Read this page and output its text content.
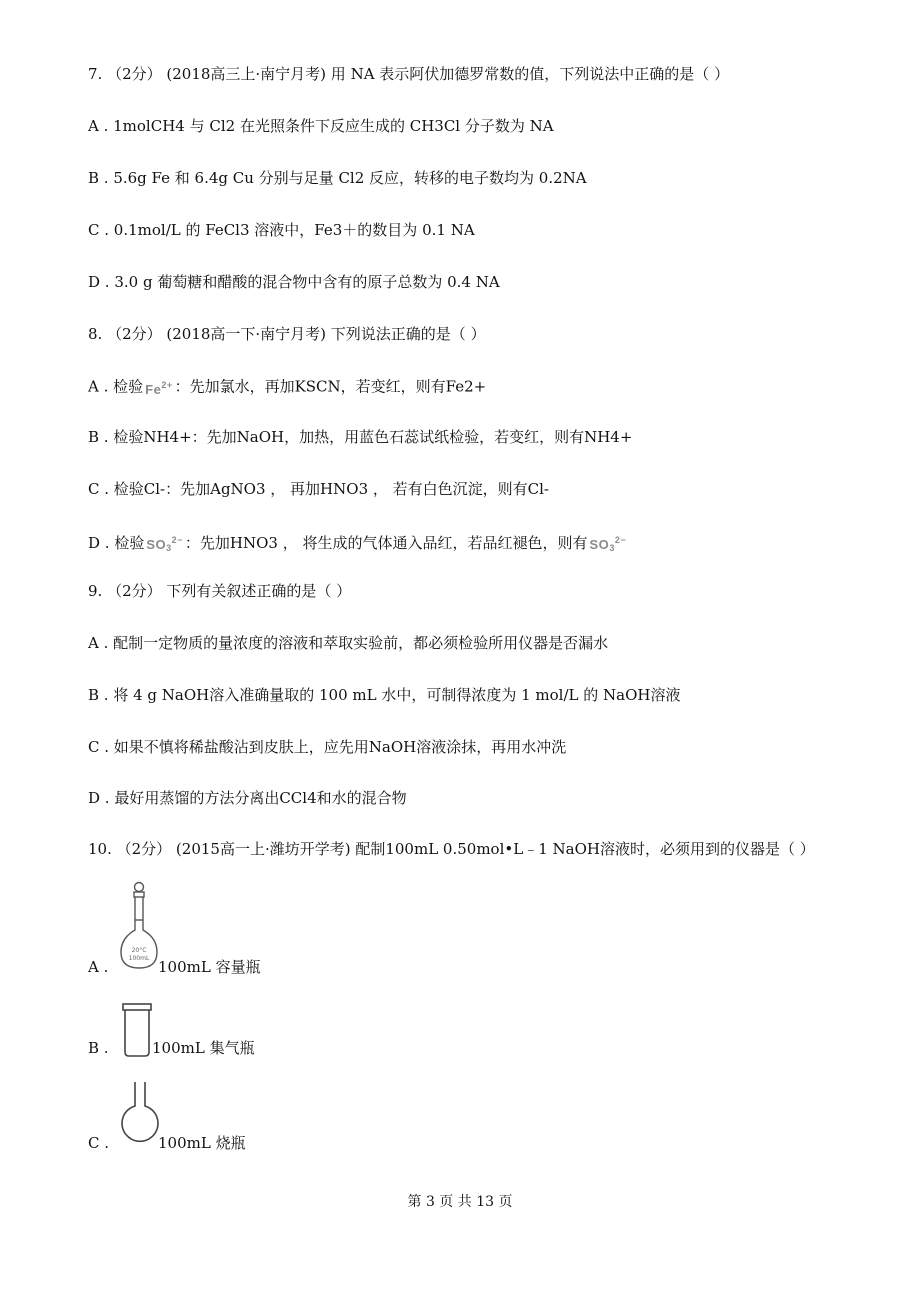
7. （2分） (2018高三上·南宁月考) 用 NA 表示阿伏加德罗常数的值，下列说法中正确的是（ ）
A . 1molCH4 与 Cl2 在光照条件下反应生成的 CH3Cl 分子数为 NA
B . 5.6g Fe 和 6.4g Cu 分别与足量 Cl2 反应，转移的电子数均为 0.2NA
C . 0.1mol/L 的 FeCl3 溶液中，Fe3＋的数目为 0.1 NA
D . 3.0 g 葡萄糖和醋酸的混合物中含有的原子总数为 0.4 NA
8. （2分） (2018高一下·南宁月考) 下列说法正确的是（ ）
A . 检验 $Fe^{2+}$ ：先加氯水，再加KSCN，若变红，则有Fe2+
B . 检验NH4+：先加NaOH，加热，用蓝色石蕊试纸检验，若变红，则有NH4+
C . 检验Cl-：先加AgNO3 ， 再加HNO3 ， 若有白色沉淀，则有Cl-
D . 检验 $SO_3^{2-}$ ：先加HNO3 ， 将生成的气体通入品红，若品红褪色，则有 $SO_3^{2-}$
9. （2分） 下列有关叙述正确的是（ ）
A . 配制一定物质的量浓度的溶液和萃取实验前，都必须检验所用仪器是否漏水
B . 将 4 g NaOH溶入准确量取的 100 mL 水中，可制得浓度为 1 mol/L 的 NaOH溶液
C . 如果不慎将稀盐酸沾到皮肤上，应先用NaOH溶液涂抹，再用水冲洗
D . 最好用蒸馏的方法分离出CCl4和水的混合物
10. （2分） (2015高一上·潍坊开学考) 配制100mL 0.50mol•L﹣1 NaOH溶液时，必须用到的仪器是（ ）
20°C
100mL
A .	100mL 容量瓶
B .	100mL 集气瓶
C .	100mL 烧瓶
第 3 页 共 13 页
